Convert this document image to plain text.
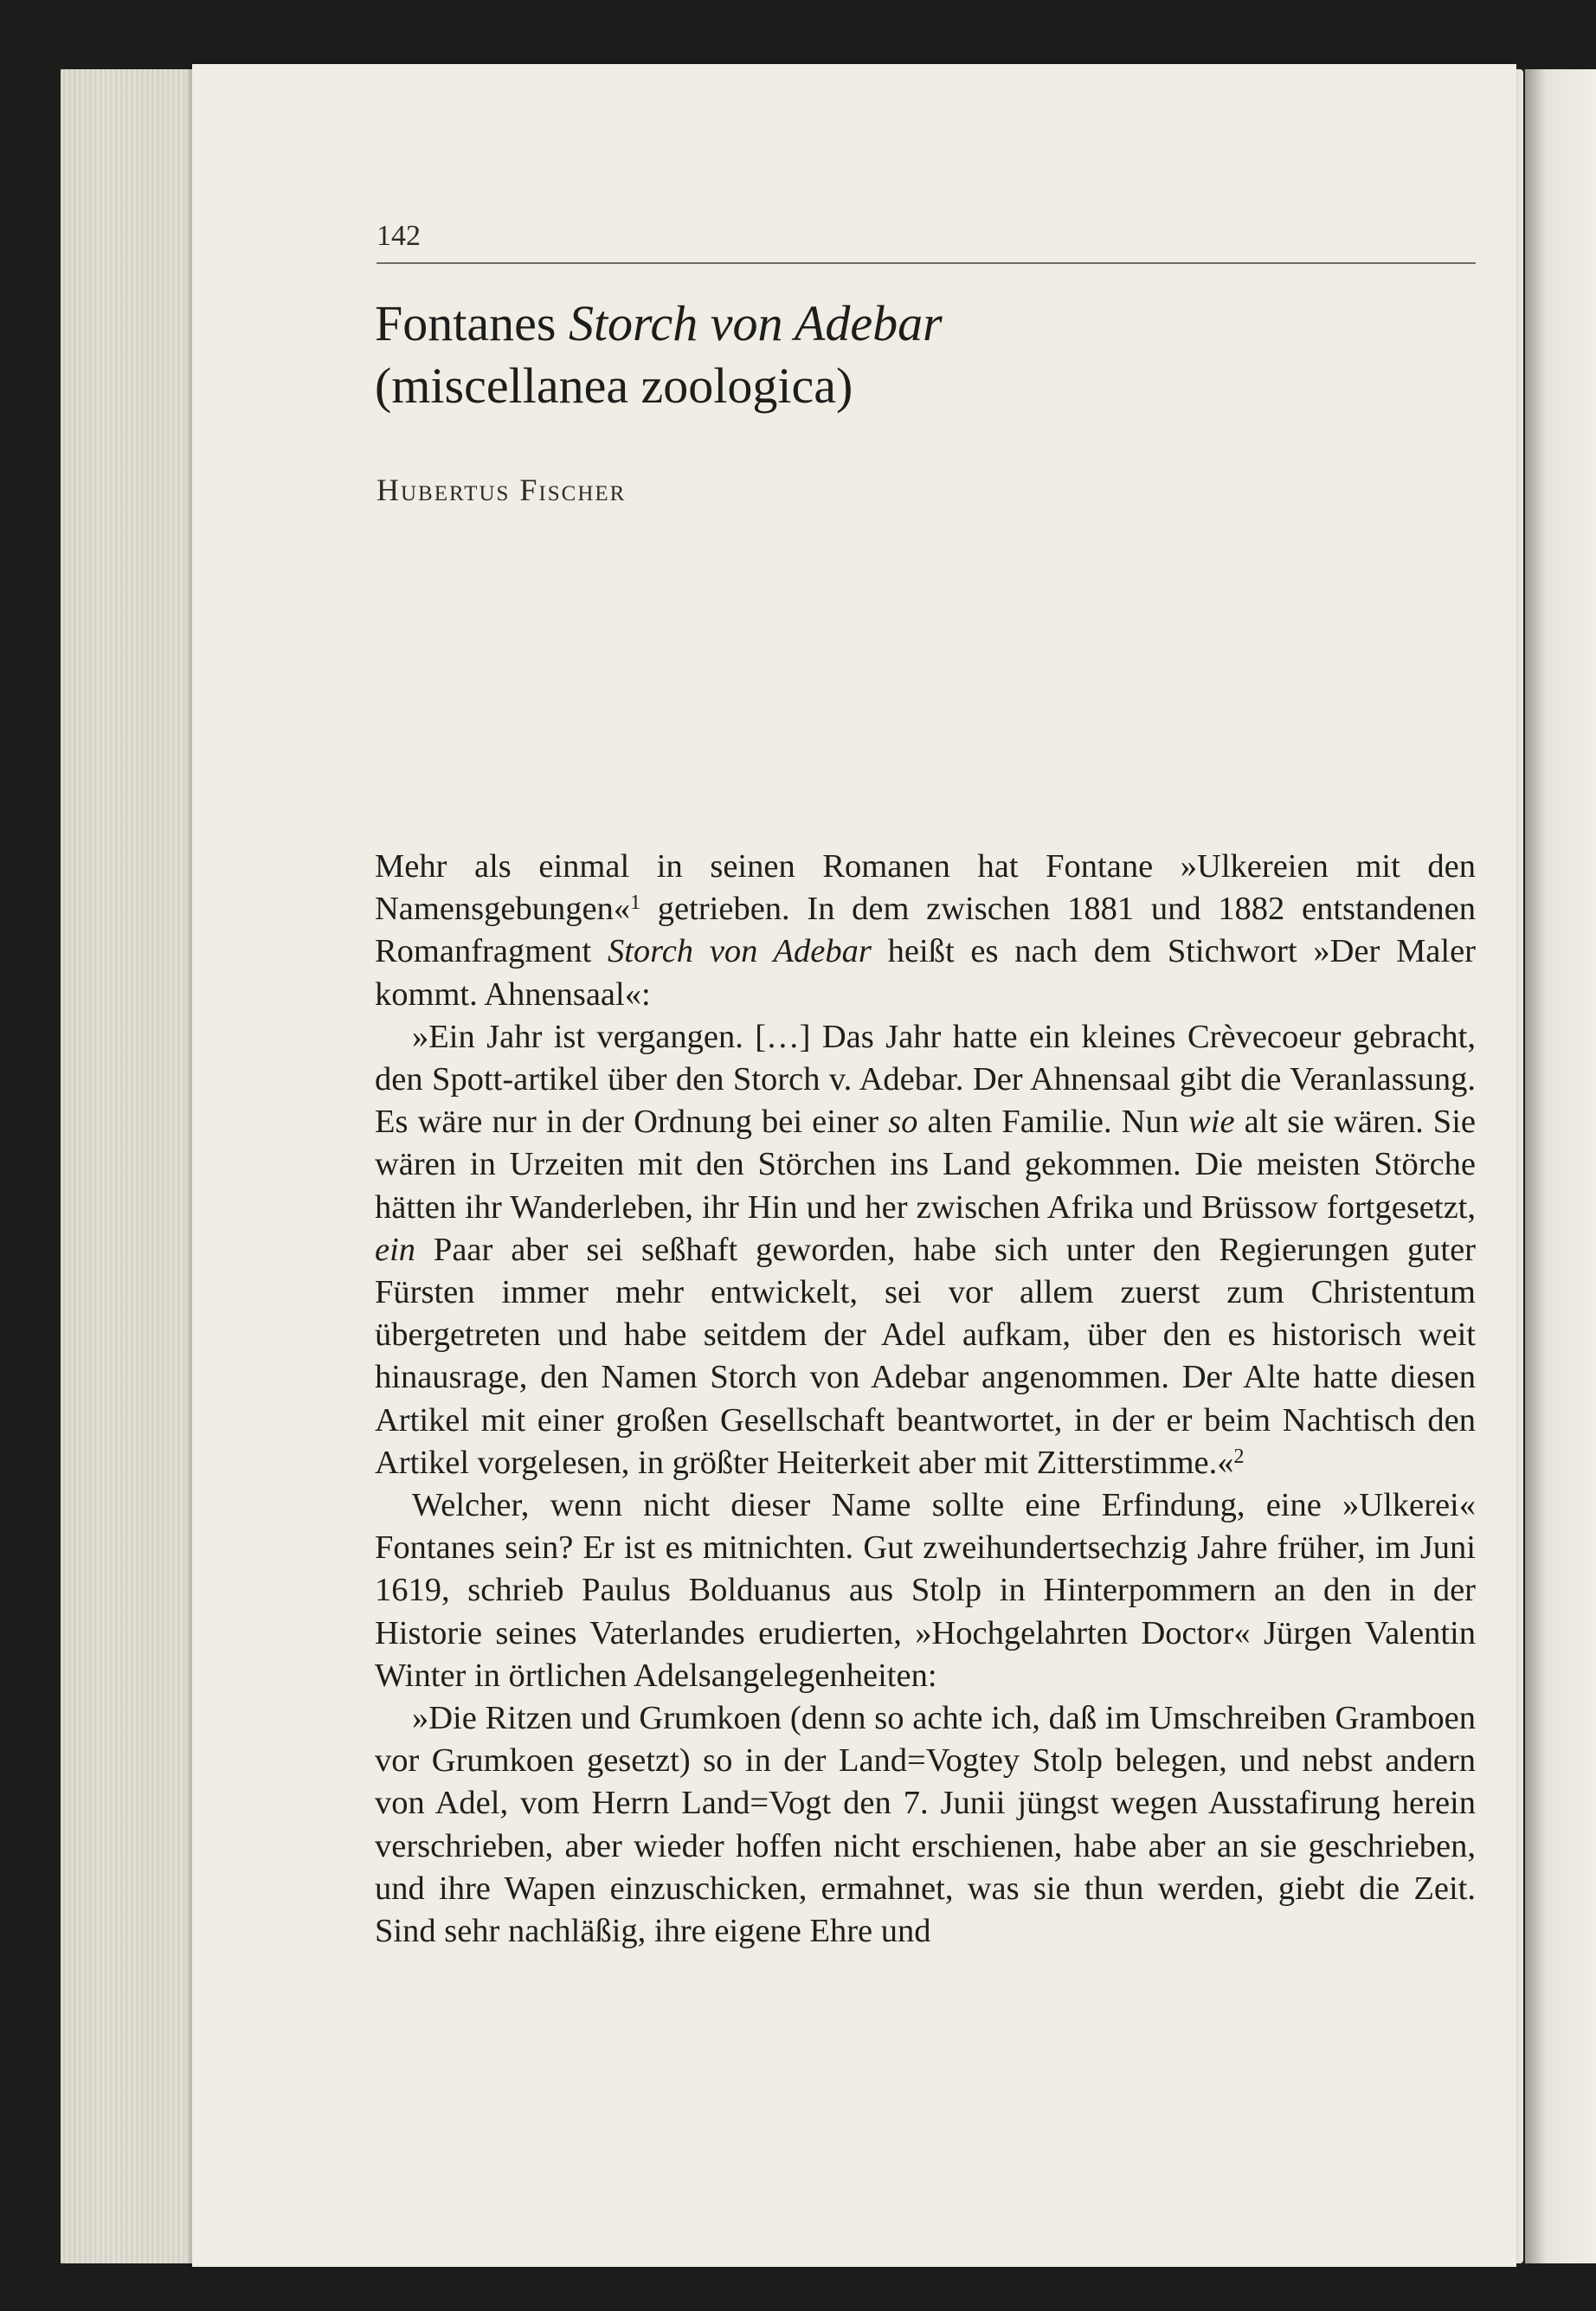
142
Fontanes Storch von Adebar
(miscellanea zoologica)
Hubertus Fischer

Mehr als einmal in seinen Romanen hat Fontane »Ulkereien mit den Namensgebungen«$^1$ getrieben. In dem zwischen 1881 und 1882 entstandenen Romanfragment Storch von Adebar heißt es nach dem Stichwort »Der Maler kommt. Ahnensaal«:

»Ein Jahr ist vergangen. […] Das Jahr hatte ein kleines Crèvecoeur gebracht, den Spott-artikel über den Storch v. Adebar. Der Ahnensaal gibt die Veranlassung. Es wäre nur in der Ordnung bei einer so alten Familie. Nun wie alt sie wären. Sie wären in Urzeiten mit den Störchen ins Land gekommen. Die meisten Störche hätten ihr Wanderleben, ihr Hin und her zwischen Afrika und Brüssow fortgesetzt, ein Paar aber sei seßhaft geworden, habe sich unter den Regierungen guter Fürsten immer mehr entwickelt, sei vor allem zuerst zum Christentum übergetreten und habe seitdem der Adel aufkam, über den es historisch weit hinausrage, den Namen Storch von Adebar angenommen. Der Alte hatte diesen Artikel mit einer großen Gesellschaft beantwortet, in der er beim Nachtisch den Artikel vorgelesen, in größter Heiterkeit aber mit Zitterstimme.«$^2$

Welcher, wenn nicht dieser Name sollte eine Erfindung, eine »Ulkerei« Fontanes sein? Er ist es mitnichten. Gut zweihundertsechzig Jahre früher, im Juni 1619, schrieb Paulus Bolduanus aus Stolp in Hinterpommern an den in der Historie seines Vaterlandes erudierten, »Hochgelahrten Doctor« Jürgen Valentin Winter in örtlichen Adelsangelegenheiten:

»Die Ritzen und Grumkoen (denn so achte ich, daß im Umschreiben Gramboen vor Grumkoen gesetzt) so in der Land=Vogtey Stolp belegen, und nebst andern von Adel, vom Herrn Land=Vogt den 7. Junii jüngst wegen Ausstafirung herein verschrieben, aber wieder hoffen nicht erschienen, habe aber an sie geschrieben, und ihre Wapen einzuschicken, ermahnet, was sie thun werden, giebt die Zeit. Sind sehr nachläßig, ihre eigene Ehre und
